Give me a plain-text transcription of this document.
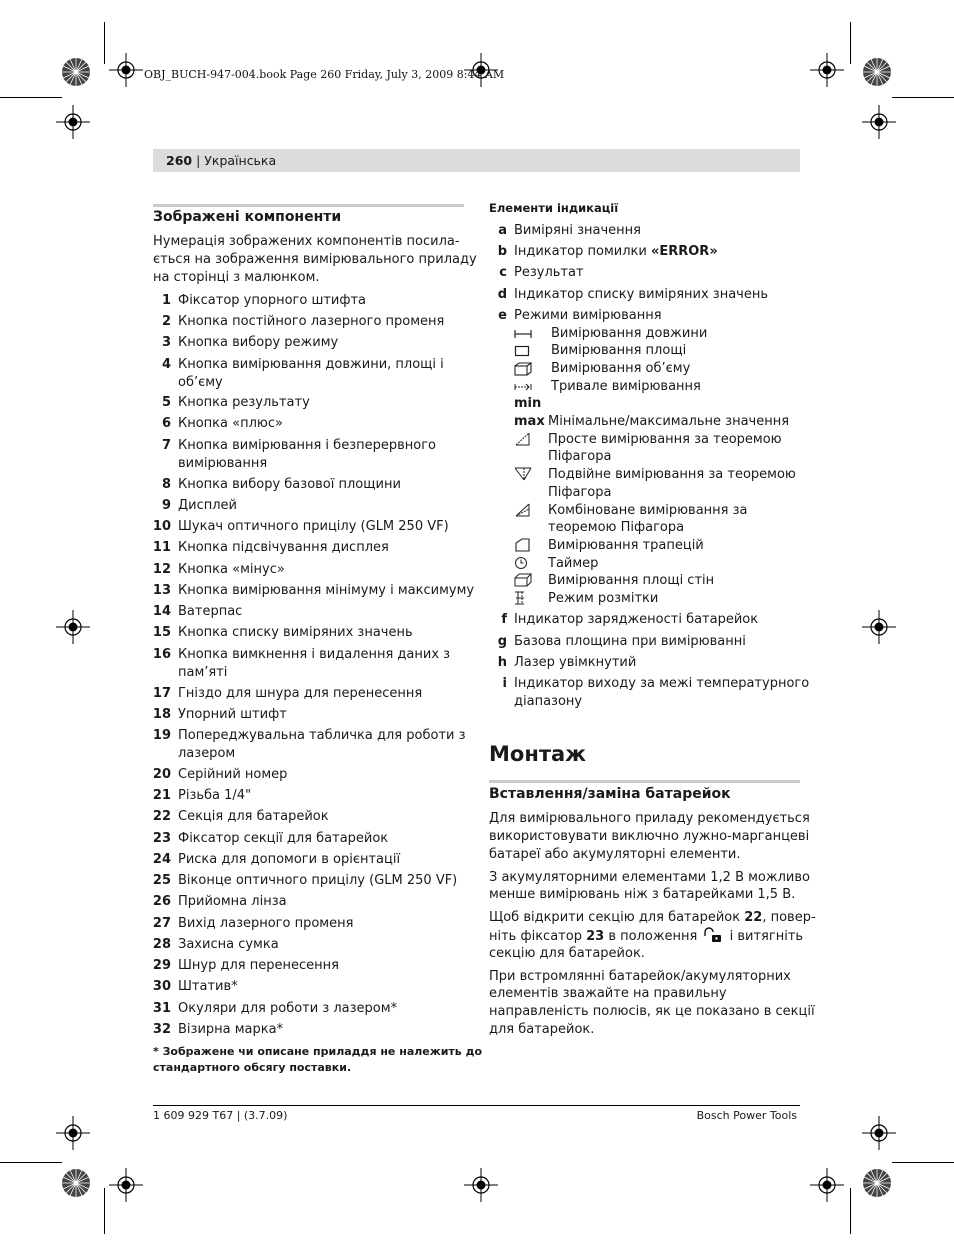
OBJ_BUCH-947-004.book Page 260 Friday, July 3, 2009 8:44 AM
260 | Українська
Зображені компоненти
Нумерація зображених компонентів посила-
ється на зображення вимірювального приладу
на сторінці з малюнком.
1 Фіксатор упорного штифта
2 Кнопка постійного лазерного променя
3 Кнопка вибору режиму
4 Кнопка вимірювання довжини, площі і
об’єму
5 Кнопка результату
6 Кнопка «плюс»
7 Кнопка вимірювання і безперервного
вимірювання
8 Кнопка вибору базової площини
9 Дисплей
10 Шукач оптичного прицілу (GLM 250 VF)
11 Кнопка підсвічування дисплея
12 Кнопка «мінус»
13 Кнопка вимірювання мінімуму і максимуму
14 Ватерпас
15 Кнопка списку виміряних значень
16 Кнопка вимкнення і видалення даних з
пам’яті
17 Гніздо для шнура для перенесення
18 Упорний штифт
19 Попереджувальна табличка для роботи з
лазером
20 Серійний номер
21 Різьба 1/4"
22 Секція для батарейок
23 Фіксатор секції для батарейок
24 Риска для допомоги в орієнтації
25 Віконце оптичного прицілу (GLM 250 VF)
26 Прийомна лінза
27 Вихід лазерного променя
28 Захисна сумка
29 Шнур для перенесення
30 Штатив*
31 Окуляри для роботи з лазером*
32 Візирна марка*
* Зображене чи описане приладдя не належить до
стандартного обсягу поставки.
Елементи індикації
a Виміряні значення
b Індикатор помилки «ERROR»
c Результат
d Індикатор списку виміряних значень
e Режими вимірювання
Вимірювання довжини
Вимірювання площі
Вимірювання об’єму
Тривале вимірювання
min
max Мінімальне/максимальне значення
Просте вимірювання за теоремою
Піфагора
Подвійне вимірювання за теоремою
Піфагора
Комбіноване вимірювання за
теоремою Піфагора
Вимірювання трапецій
Таймер
Вимірювання площі стін
Режим розмітки
f Індикатор зарядженості батарейок
g Базова площина при вимірюванні
h Лазер увімкнутий
i Індикатор виходу за межі температурного
діапазону
Монтаж
Вставлення/заміна батарейок
Для вимірювального приладу рекомендується
використовувати виключно лужно-марганцеві
батареї або акумуляторні елементи.
З акумуляторними елементами 1,2 В можливо
менше вимірювань ніж з батарейками 1,5 В.
Щоб відкрити секцію для батарейок 22, повер-
ніть фіксатор 23 в положення  і витягніть
секцію для батарейок.
При встромлянні батарейок/акумуляторних
елементів зважайте на правильну
направленість полюсів, як це показано в секції
для батарейок.
1 609 929 T67 | (3.7.09)	Bosch Power Tools
